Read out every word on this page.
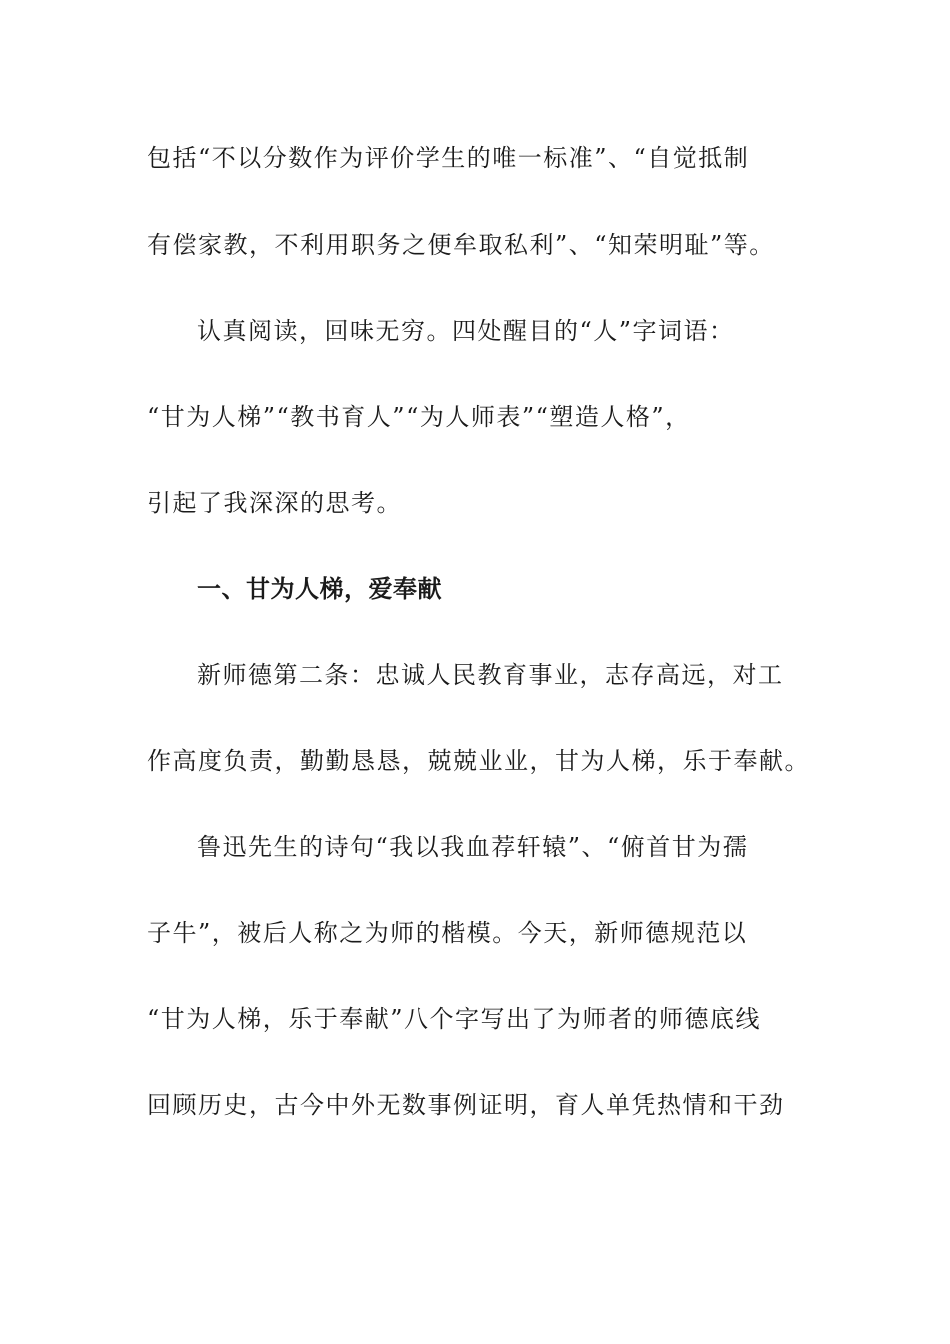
包括“不以分数作为评价学生的唯一标准”、“自觉抵制
有偿家教，不利用职务之便牟取私利”、“知荣明耻”等。
认真阅读，回味无穷。四处醒目的“人”字词语：
“甘为人梯”“教书育人”“为人师表”“塑造人格”，
引起了我深深的思考。
一、甘为人梯，爱奉献
新师德第二条：忠诚人民教育事业，志存高远，对工
作高度负责，勤勤恳恳，兢兢业业，甘为人梯，乐于奉献。
鲁迅先生的诗句“我以我血荐轩辕”、“俯首甘为孺
子牛”，被后人称之为师的楷模。今天，新师德规范以
“甘为人梯，乐于奉献”八个字写出了为师者的师德底线
回顾历史，古今中外无数事例证明，育人单凭热情和干劲
